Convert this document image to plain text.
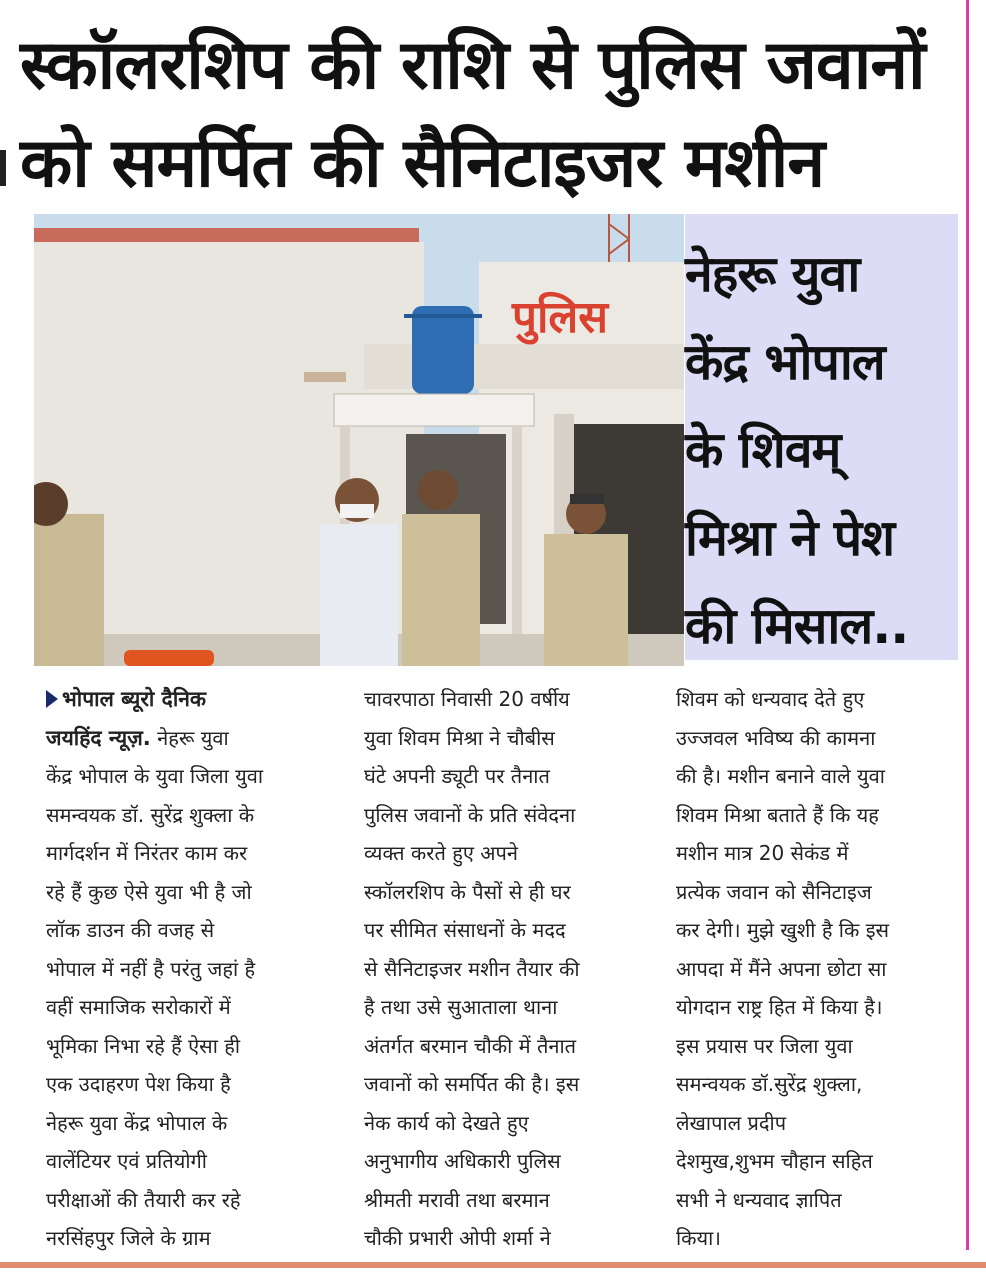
स्कॉलरशिप की राशि से पुलिस जवानों
को समर्पित की सैनिटाइजर मशीन
पुलिस
नेहरू युवा
केंद्र भोपाल
के शिवम्
मिश्रा ने पेश
की मिसाल..
भोपाल ब्यूरो दैनिक
जयहिंद न्यूज़. नेहरू युवा
केंद्र भोपाल के युवा जिला युवा
समन्वयक डॉ. सुरेंद्र शुक्ला के
मार्गदर्शन में निरंतर काम कर
रहे हैं कुछ ऐसे युवा भी है जो
लॉक डाउन की वजह से
भोपाल में नहीं है परंतु जहां है
वहीं समाजिक सरोकारों में
भूमिका निभा रहे हैं ऐसा ही
एक उदाहरण पेश किया है
नेहरू युवा केंद्र भोपाल के
वालेंटियर एवं प्रतियोगी
परीक्षाओं की तैयारी कर रहे
नरसिंहपुर जिले के ग्राम
चावरपाठा निवासी 20 वर्षीय
युवा शिवम मिश्रा ने चौबीस
घंटे अपनी ड्यूटी पर तैनात
पुलिस जवानों के प्रति संवेदना
व्यक्त करते हुए अपने
स्कॉलरशिप के पैसों से ही घर
पर सीमित संसाधनों के मदद
से सैनिटाइजर मशीन तैयार की
है तथा उसे सुआताला थाना
अंतर्गत बरमान चौकी में तैनात
जवानों को समर्पित की है। इस
नेक कार्य को देखते हुए
अनुभागीय अधिकारी पुलिस
श्रीमती मरावी तथा बरमान
चौकी प्रभारी ओपी शर्मा ने
शिवम को धन्यवाद देते हुए
उज्जवल भविष्य की कामना
की है। मशीन बनाने वाले युवा
शिवम मिश्रा बताते हैं कि यह
मशीन मात्र 20 सेकंड में
प्रत्येक जवान को सैनिटाइज
कर देगी। मुझे खुशी है कि इस
आपदा में मैंने अपना छोटा सा
योगदान राष्ट्र हित में किया है।
इस प्रयास पर जिला युवा
समन्वयक डॉ.सुरेंद्र शुक्ला,
लेखापाल प्रदीप
देशमुख,शुभम चौहान सहित
सभी ने धन्यवाद ज्ञापित
किया।
